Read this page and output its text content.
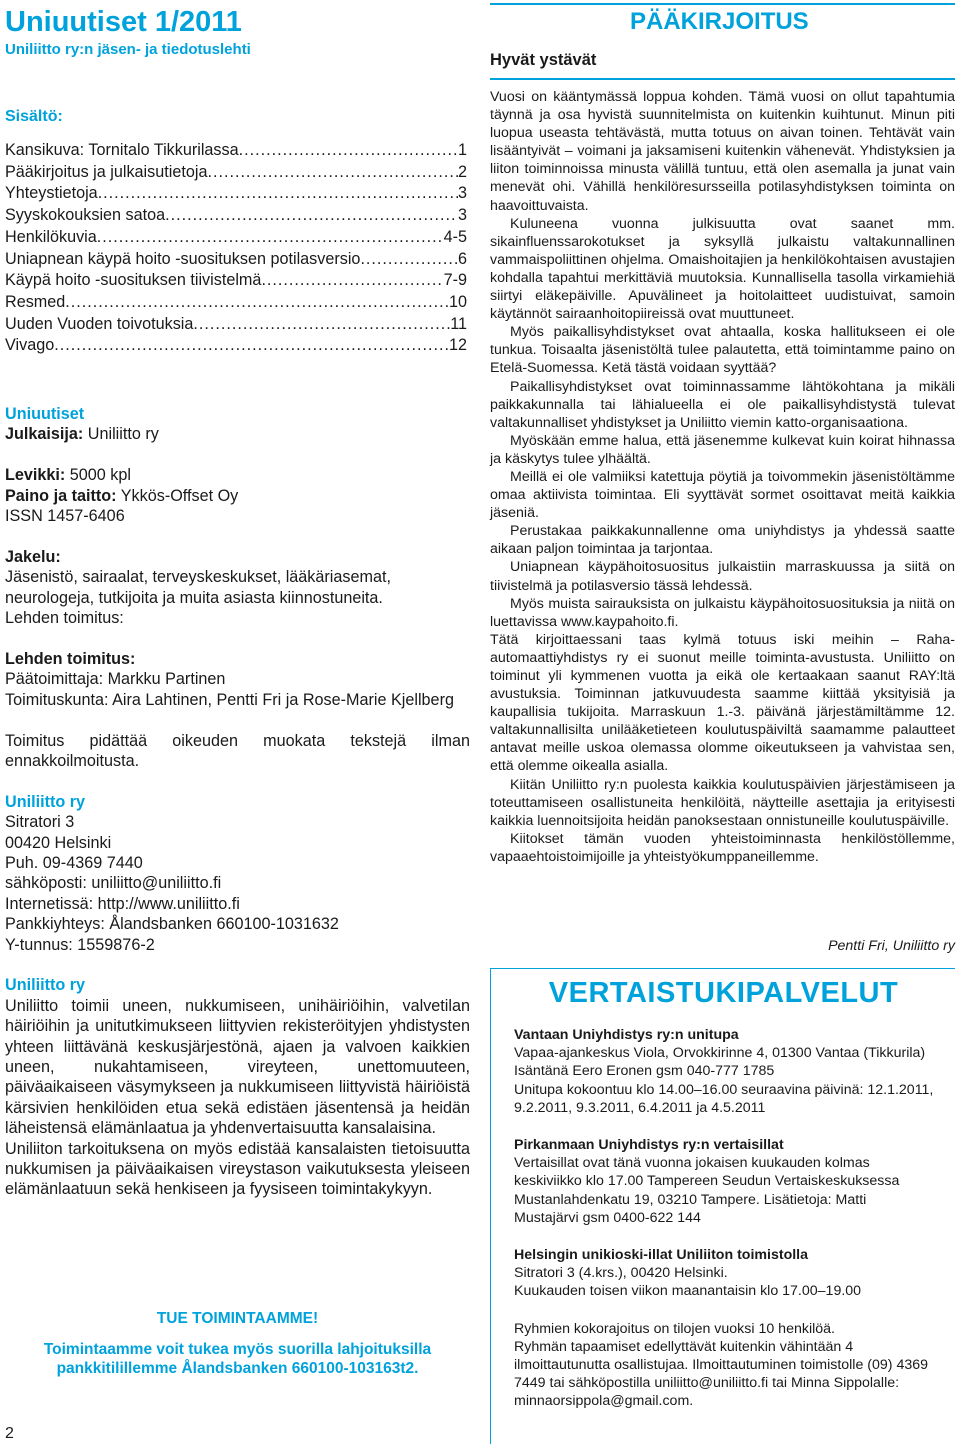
Uniuutiset 1/2011
Uniliitto ry:n jäsen- ja tiedotuslehti
Sisältö:
Kansikuva: Tornitalo Tikkurilassa .....	1
Pääkirjoitus ja julkaisutietoja .....	2
Yhteystietoja .....	3
Syyskokouksien satoa .....	3
Henkilökuvia .....	4-5
Uniapnean käypä hoito -suosituksen potilasversio .....	6
Käypä hoito -suosituksen tiivistelmä .....	7-9
Resmed .....	10
Uuden Vuoden toivotuksia .....	11
Vivago .....	12

Uniuutiset

Julkaisija: Uniliitto ry

Levikki: 5000 kpl

Paino ja taitto: Ykkös-Offset Oy

ISSN 1457-6406

Jakelu:

Jäsenistö, sairaalat, terveyskeskukset, lääkäriasemat, neurologeja, tutkijoita ja muita asiasta kiinnostuneita.

Lehden toimitus:

Lehden toimitus:

Päätoimittaja: Markku Partinen

Toimituskunta: Aira Lahtinen, Pentti Fri ja Rose-Marie Kjellberg

Toimitus pidättää oikeuden muokata tekstejä ilman ennakkoilmoitusta.

Uniliitto ry

Sitratori 3

00420 Helsinki

Puh. 09-4369 7440

sähköposti: uniliitto@uniliitto.fi

Internetissä: http://www.uniliitto.fi

Pankkiyhteys: Ålandsbanken 660100-1031632

Y-tunnus: 1559876-2

Uniliitto ry

Uniliitto toimii uneen, nukkumiseen, unihäiriöihin, valvetilan häiriöihin ja unitutkimukseen liittyvien rekisteröityjen yhdistysten yhteen liittävänä keskusjärjestönä, ajaen ja valvoen kaikkien uneen, nukahtamiseen, vireyteen, unettomuuteen, päiväaikaiseen väsymykseen ja nukkumiseen liittyvistä häiriöistä kärsivien henkilöiden etua sekä edistäen jäsentensä ja heidän läheistensä elämänlaatua ja yhdenvertaisuutta kansalaisina.

Uniliiton tarkoituksena on myös edistää kansalaisten tietoisuutta nukkumisen ja päiväaikaisen vireystason vaikutuksesta yleiseen elämänlaatuun sekä henkiseen ja fyysiseen toimintakykyyn.

TUE TOIMINTAAMME!
Toimintaamme voit tukea myös suorilla lahjoituksilla pankkitilillemme Ålandsbanken 660100-103163t2.
2
PÄÄKIRJOITUS
Hyvät ystävät

Vuosi on kääntymässä loppua kohden. Tämä vuosi on ollut tapahtumia täynnä ja osa hyvistä suunnitelmista on kuitenkin kuihtunut. Minun piti luopua useasta tehtävästä, mutta totuus on aivan toinen. Tehtävät vain lisääntyivät – voimani ja jaksamiseni kuitenkin vähenevät. Yhdistyksien ja liiton toiminnoissa minusta välillä tuntuu, että olen asemalla ja junat vain menevät ohi. Vähillä henkilöresursseilla potilasyhdistyksen toiminta on haavoittuvaista.

Kuluneena vuonna julkisuutta ovat saanet mm. sikainfluenssarokotukset ja syksyllä julkaistu valtakunnallinen vammaispoliittinen ohjelma. Omaishoitajien ja henkilökohtaisen avustajien kohdalla tapahtui merkittäviä muutoksia. Kunnallisella tasolla virkamiehiä siirtyi eläkepäiville. Apuvälineet ja hoitolaitteet uudistuivat, samoin käytännöt sairaanhoitopiireissä ovat muuttuneet.

Myös paikallisyhdistykset ovat ahtaalla, koska hallitukseen ei ole tunkua. Toisaalta jäsenistöltä tulee palautetta, että toimintamme paino on Etelä-Suomessa. Ketä tästä voidaan syyttää?

Paikallisyhdistykset ovat toiminnassamme lähtökohtana ja mikäli paikkakunnalla tai lähialueella ei ole paikallisyhdistystä tulevat valtakunnalliset yhdistykset ja Uniliitto viemin katto-organisaationa.

Myöskään emme halua, että jäsenemme kulkevat kuin koirat hihnassa ja käskytys tulee ylhäältä.

Meillä ei ole valmiiksi katettuja pöytiä ja toivommekin jäsenistöltämme omaa aktiivista toimintaa. Eli syyttävät sormet osoittavat meitä kaikkia jäseniä.

Perustakaa paikkakunnallenne oma uniyhdistys ja yhdessä saatte aikaan paljon toimintaa ja tarjontaa.

Uniapnean käypähoitosuositus julkaistiin marraskuussa ja siitä on tiivistelmä ja potilasversio tässä lehdessä.

Myös muista sairauksista on julkaistu käypähoitosuosituksia ja niitä on luettavissa www.kaypahoito.fi.

Tätä kirjoittaessani taas kylmä totuus iski meihin – Raha-automaattiyhdistys ry ei suonut meille toiminta-avustusta. Uniliitto on toiminut yli kymmenen vuotta ja eikä ole kertaakaan saanut RAY:ltä avustuksia. Toiminnan jatkuvuudesta saamme kiittää yksityisiä ja kaupallisia tukijoita. Marraskuun 1.-3. päivänä järjestämiltämme 12. valtakunnallisilta unilääketieteen koulutuspäiviltä saamamme palautteet antavat meille uskoa olemassa olomme oikeutukseen ja vahvistaa sen, että olemme oikealla asialla.

Kiitän Uniliitto ry:n puolesta kaikkia koulutuspäivien järjestämiseen ja toteuttamiseen osallistuneita henkilöitä, näytteille asettajia ja erityisesti kaikkia luennoitsijoita heidän panoksestaan onnistuneille koulutuspäiville.

Kiitokset tämän vuoden yhteistoiminnasta henkilöstöllemme, vapaaehtoistoimijoille ja yhteistyökumppaneillemme.

Pentti Fri, Uniliitto ry
VERTAISTUKIPALVELUT

Vantaan Uniyhdistys ry:n unitupa

Vapaa-ajankeskus Viola, Orvokkirinne 4, 01300 Vantaa (Tikkurila)

Isäntänä Eero Eronen gsm 040-777 1785

Unitupa kokoontuu klo 14.00–16.00 seuraavina päivinä: 12.1.2011, 9.2.2011, 9.3.2011, 6.4.2011 ja 4.5.2011

Pirkanmaan Uniyhdistys ry:n vertaisillat

Vertaisillat ovat tänä vuonna jokaisen kuukauden kolmas keskiviikko klo 17.00 Tampereen Seudun Vertaiskeskuksessa Mustanlahdenkatu 19, 03210 Tampere. Lisätietoja: Matti Mustajärvi gsm 0400-622 144

Helsingin unikioski-illat Uniliiton toimistolla

Sitratori 3 (4.krs.), 00420 Helsinki.

Kuukauden toisen viikon maanantaisin klo 17.00–19.00

Ryhmien kokorajoitus on tilojen vuoksi 10 henkilöä.

Ryhmän tapaamiset edellyttävät kuitenkin vähintään 4 ilmoittautunutta osallistujaa. Ilmoittautuminen toimistolle (09) 4369 7449 tai sähköpostilla uniliitto@uniliitto.fi tai Minna Sippolalle: minnaorsippola@gmail.com.
